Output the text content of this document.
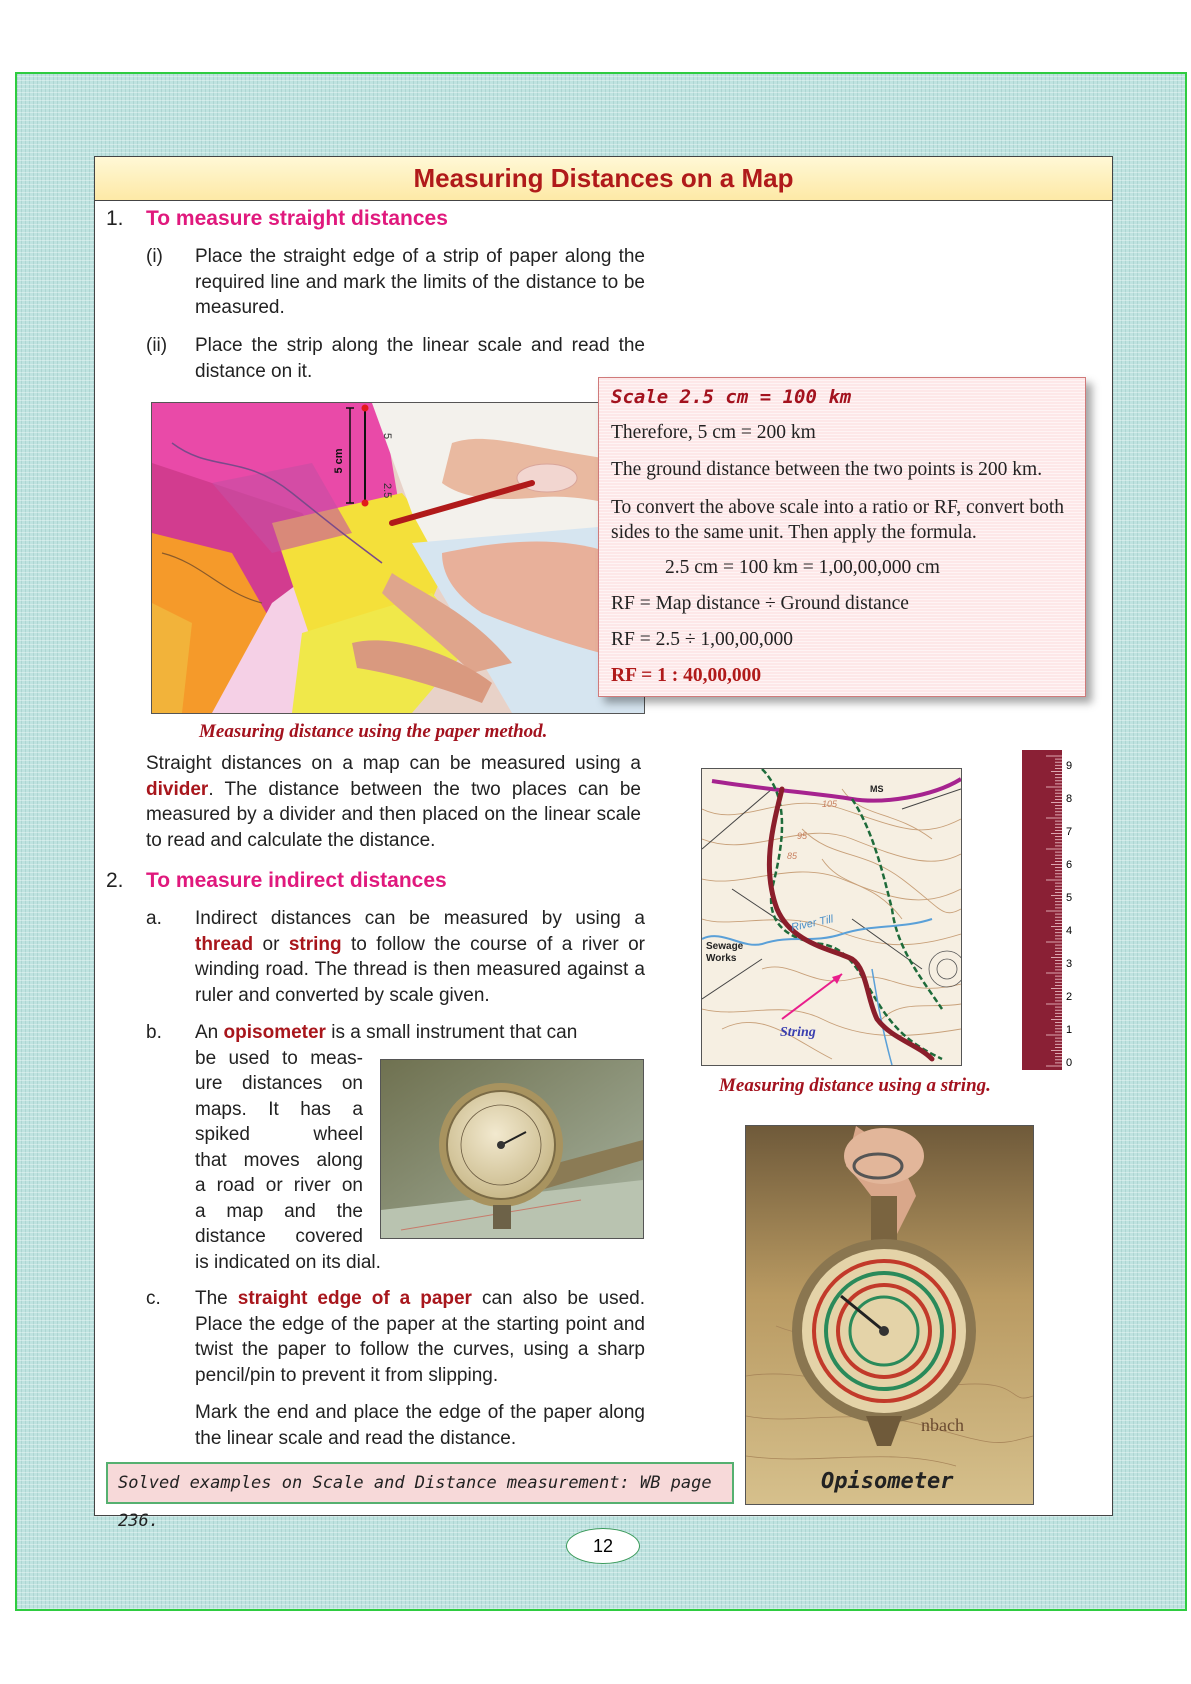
Measuring Distances on a Map
1. To measure straight distances
(i) Place the straight edge of a strip of paper along the required line and mark the limits of the distance to be measured.
(ii) Place the strip along the linear scale and read the distance on it.
5 cm
5
2.5
Measuring distance using the paper method.
Scale 2.5 cm = 100 km
Therefore, 5 cm = 200 km
The ground distance between the two points is 200 km.
To convert the above scale into a ratio or RF, convert both sides to the same unit. Then apply the formula.
2.5 cm = 100 km = 1,00,00,000 cm
RF = Map distance ÷ Ground distance
RF = 2.5 ÷ 1,00,00,000
RF = 1 : 40,00,000
Straight distances on a map can be measured using a divider. The distance between the two places can be measured by a divider and then placed on the linear scale to read and calculate the distance.
2. To measure indirect distances
a. Indirect distances can be measured by using a thread or string to follow the course of a river or winding road. The thread is then measured against a ruler and converted by scale given.
b. An opisometer is a small instrument that can
be used to meas-
ure distances on
maps. It has a
spiked wheel
that moves along
a road or river on
a map and the
distance covered
is indicated on its dial.
c. The straight edge of a paper can also be used. Place the edge of the paper at the starting point and twist the paper to follow the curves, using a sharp pencil/pin to prevent it from slipping.
Mark the end and place the edge of the paper along the linear scale and read the distance.
MS
105
95
85
River Till
Sewage
Works
String
9
8
7
6
5
4
3
2
1
0
Measuring distance using a string.
nbach
Opisometer
Solved examples on Scale and Distance measurement: WB page 236.
12
